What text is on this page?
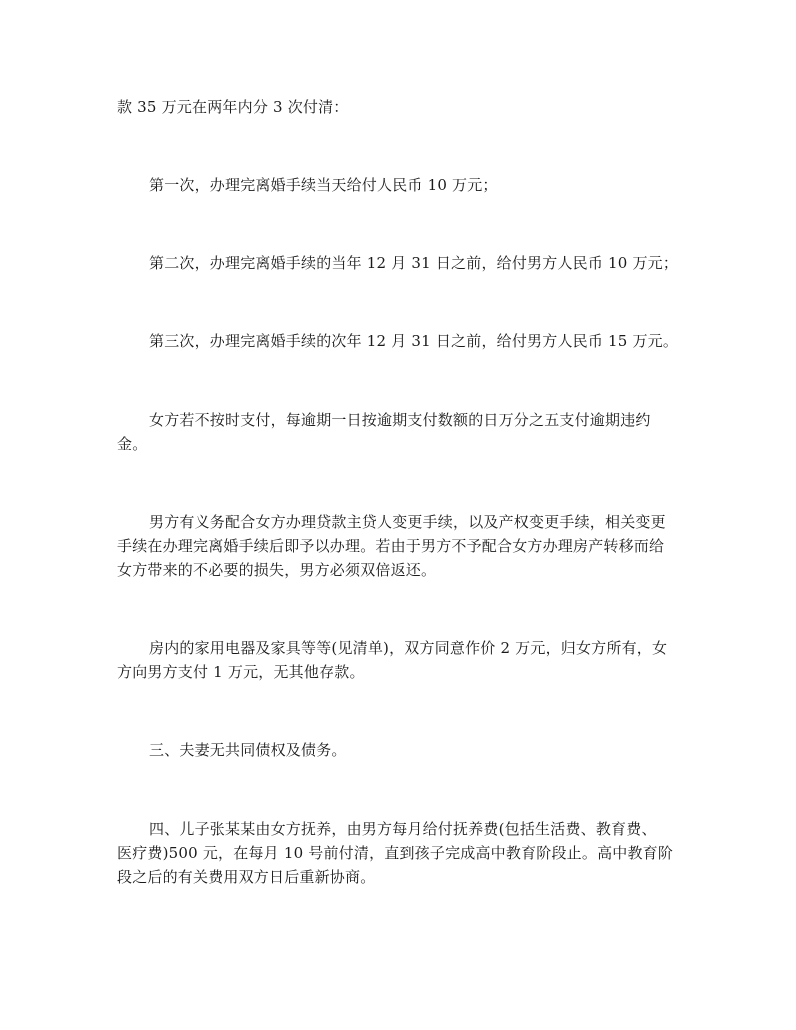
款 35 万元在两年内分 3 次付清：

第一次，办理完离婚手续当天给付人民币 10 万元；

第二次，办理完离婚手续的当年 12 月 31 日之前，给付男方人民币 10 万元；

第三次，办理完离婚手续的次年 12 月 31 日之前，给付男方人民币 15 万元。

女方若不按时支付，每逾期一日按逾期支付数额的日万分之五支付逾期违约
金。

男方有义务配合女方办理贷款主贷人变更手续，以及产权变更手续，相关变更
手续在办理完离婚手续后即予以办理。若由于男方不予配合女方办理房产转移而给
女方带来的不必要的损失，男方必须双倍返还。

房内的家用电器及家具等等(见清单)，双方同意作价 2 万元，归女方所有，女
方向男方支付 1 万元，无其他存款。

三、夫妻无共同债权及债务。

四、儿子张某某由女方抚养，由男方每月给付抚养费(包括生活费、教育费、
医疗费)500 元，在每月 10 号前付清，直到孩子完成高中教育阶段止。高中教育阶
段之后的有关费用双方日后重新协商。
